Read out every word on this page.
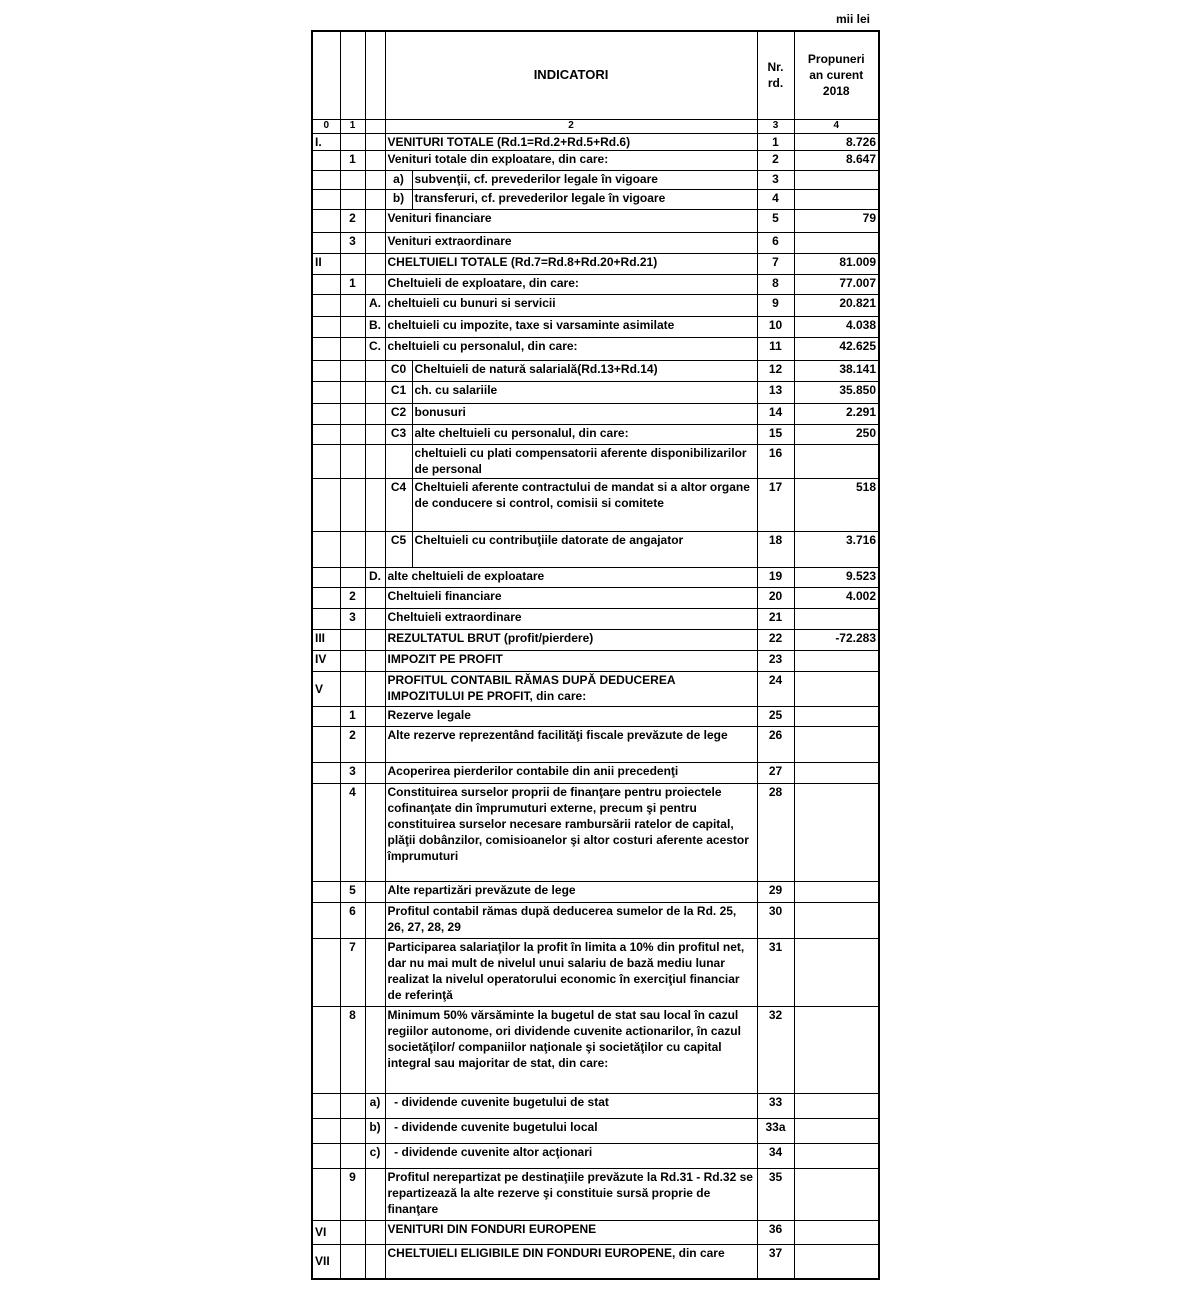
mii lei
			INDICATORI		Nr.
rd.	Propuneri
an curent
2018
0	1		2		3	4
I.			VENITURI TOTALE (Rd.1=Rd.2+Rd.5+Rd.6)		1	8.726
	1		Venituri totale din exploatare, din care:		2	8.647
			a)	subvenţii, cf. prevederilor legale în vigoare	3	
			b)	transferuri, cf. prevederilor legale în vigoare	4	
	2		Venituri financiare		5	79
	3		Venituri extraordinare		6	
II			CHELTUIELI TOTALE (Rd.7=Rd.8+Rd.20+Rd.21)		7	81.009
	1		Cheltuieli de exploatare, din care:		8	77.007
		A.	cheltuieli cu bunuri si servicii		9	20.821
		B.	cheltuieli cu impozite, taxe si varsaminte asimilate		10	4.038
		C.	cheltuieli cu personalul, din care:		11	42.625
			C0	Cheltuieli de natură salarială(Rd.13+Rd.14)	12	38.141
			C1	ch. cu salariile	13	35.850
			C2	bonusuri	14	2.291
			C3	alte cheltuieli cu personalul, din care:	15	250
				cheltuieli cu plati compensatorii aferente disponibilizarilor de personal	16	
			C4	Cheltuieli aferente contractului de mandat si a altor organe de conducere si control, comisii si comitete	17	518
			C5	Cheltuieli cu contribuţiile datorate de angajator	18	3.716
		D.	alte cheltuieli de exploatare		19	9.523
	2		Cheltuieli financiare		20	4.002
	3		Cheltuieli extraordinare		21	
III			REZULTATUL BRUT (profit/pierdere)		22	-72.283
IV			IMPOZIT PE PROFIT		23	
V			PROFITUL CONTABIL RĂMAS DUPĂ DEDUCEREA IMPOZITULUI PE PROFIT, din care:		24	
	1		Rezerve legale		25	
	2		Alte rezerve reprezentând facilităţi fiscale prevăzute de lege		26	
	3		Acoperirea pierderilor contabile din anii precedenţi		27	
	4		Constituirea surselor proprii de finanţare pentru proiectele cofinanţate din împrumuturi externe, precum şi pentru constituirea surselor necesare rambursării ratelor de capital, plăţii dobânzilor, comisioanelor şi altor costuri aferente acestor împrumuturi		28	
	5		Alte repartizări prevăzute de lege		29	
	6		Profitul contabil rămas după deducerea sumelor de la Rd. 25, 26, 27, 28, 29		30	
	7		Participarea salariaţilor la profit în limita a 10% din profitul net, dar nu mai mult de nivelul unui salariu de bază mediu lunar realizat la nivelul operatorului economic în exerciţiul financiar de referinţă		31	
	8		Minimum 50% vărsăminte la bugetul de stat sau local în cazul regiilor autonome, ori dividende cuvenite actionarilor, în cazul societăţilor/ companiilor naţionale şi societăţilor cu capital integral sau majoritar de stat, din care:		32	
		a)	- dividende cuvenite bugetului de stat		33	
		b)	- dividende cuvenite bugetului local		33a	
		c)	- dividende cuvenite altor acţionari		34	
	9		Profitul nerepartizat pe destinaţiile prevăzute la Rd.31 - Rd.32 se repartizează la alte rezerve şi constituie sursă proprie de finanţare		35	
VI			VENITURI DIN FONDURI EUROPENE		36	
VII			CHELTUIELI ELIGIBILE DIN FONDURI EUROPENE, din care		37	
